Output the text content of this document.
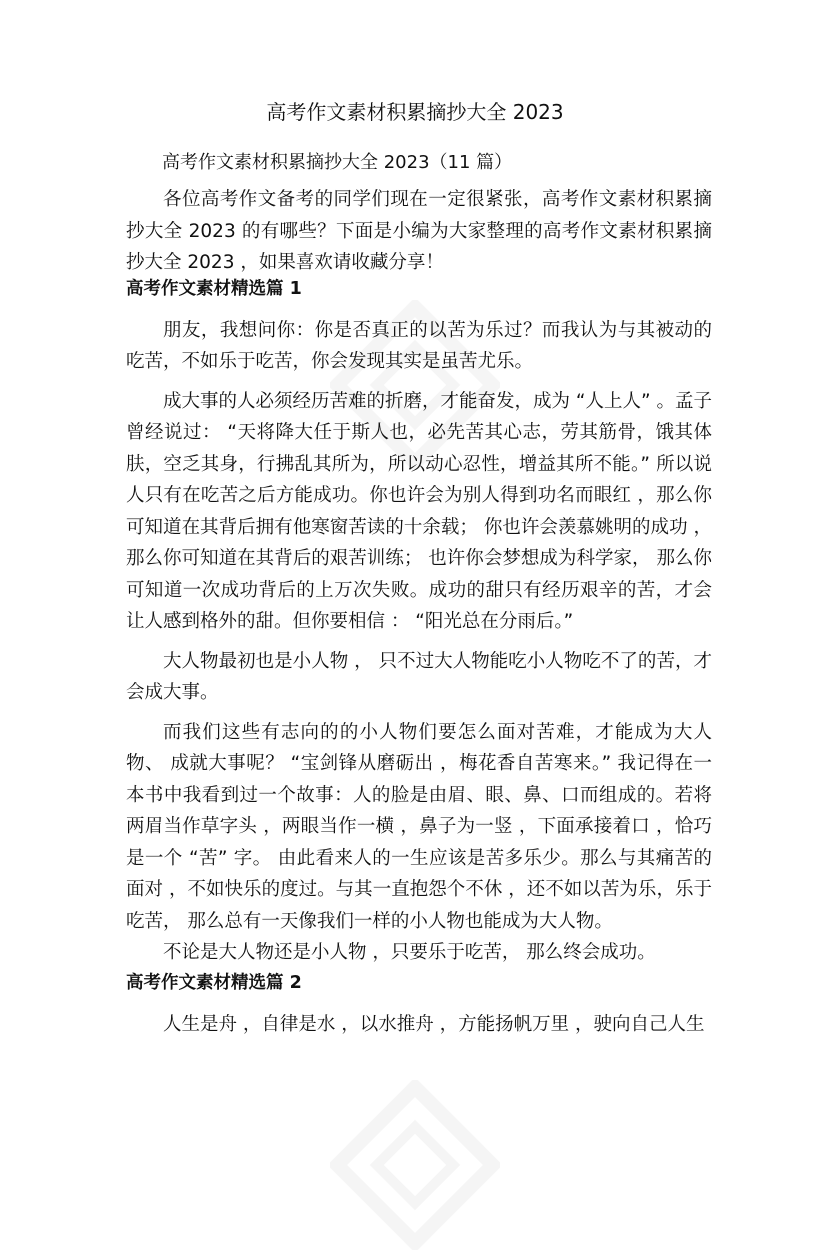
高考作文素材积累摘抄大全 2023

高考作文素材积累摘抄大全 2023（11 篇）

各位高考作文备考的同学们现在一定很紧张，高考作文素材积累摘抄大全 2023 的有哪些？下面是小编为大家整理的高考作文素材积累摘抄大全 2023 ，如果喜欢请收藏分享！

高考作文素材精选篇 1

朋友，我想问你：你是否真正的以苦为乐过？而我认为与其被动的吃苦，不如乐于吃苦，你会发现其实是虽苦尤乐。

成大事的人必须经历苦难的折磨，才能奋发，成为 “人上人” 。孟子曾经说过： “天将降大任于斯人也，必先苦其心志，劳其筋骨，饿其体肤，空乏其身，行拂乱其所为，所以动心忍性，增益其所不能。” 所以说人只有在吃苦之后方能成功。你也许会为别人得到功名而眼红 ，那么你可知道在其背后拥有他寒窗苦读的十余载； 你也许会羡慕姚明的成功 ，那么你可知道在其背后的艰苦训练； 也许你会梦想成为科学家， 那么你可知道一次成功背后的上万次失败。成功的甜只有经历艰辛的苦，才会让人感到格外的甜。但你要相信 ： “阳光总在分雨后。”

大人物最初也是小人物 ， 只不过大人物能吃小人物吃不了的苦，才会成大事。

而我们这些有志向的的小人物们要怎么面对苦难，才能成为大人物、 成就大事呢？ “宝剑锋从磨砺出 ，梅花香自苦寒来。” 我记得在一本书中我看到过一个故事：人的脸是由眉、眼、鼻、口而组成的。若将两眉当作草字头 ，两眼当作一横 ，鼻子为一竖 ，下面承接着口 ，恰巧是一个 “苦” 字。 由此看来人的一生应该是苦多乐少。那么与其痛苦的面对 ，不如快乐的度过。与其一直抱怨个不休 ，还不如以苦为乐，乐于吃苦， 那么总有一天像我们一样的小人物也能成为大人物。

不论是大人物还是小人物 ，只要乐于吃苦， 那么终会成功。

高考作文素材精选篇 2

人生是舟 ，自律是水 ，以水推舟 ，方能扬帆万里 ，驶向自己人生
